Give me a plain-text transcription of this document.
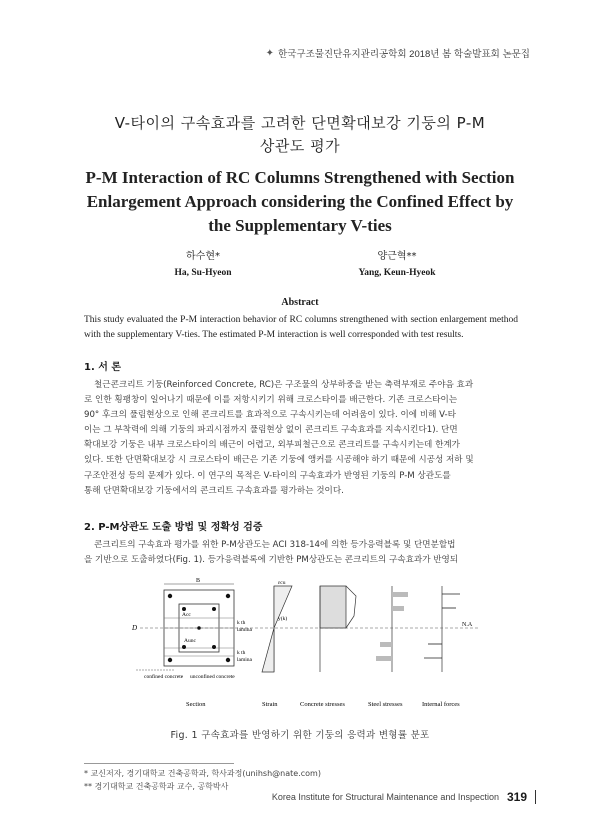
✦ 한국구조물진단유지관리공학회 2018년 봄 학술발표회 논문집
V-타이의 구속효과를 고려한 단면확대보강 기둥의 P-M
상관도 평가
P-M Interaction of RC Columns Strengthened with Section
Enlargement Approach considering the Confined Effect by
the Supplementary V-ties
하수현*
Ha, Su-Hyeon
양근혁**
Yang, Keun-Hyeok
Abstract
This study evaluated the P-M interaction behavior of RC columns strengthened with section enlargement method with the supplementary V-ties. The estimated P-M interaction is well corresponded with test results.
1. 서 론
철근콘크리트 기둥(Reinforced Concrete, RC)은 구조물의 상부하중을 받는 축력부재로 주야음 효과
로 인한 횡팽창이 일어나기 때문에 이를 저항시키기 위해 크로스타이를 배근한다. 기존 크로스타이는
90° 후크의 풀림현상으로 인해 콘크리트를 효과적으로 구속시키는데 어려움이 있다. 이에 비해 V-타
이는 그 부착력에 의해 기둥의 파괴시점까지 풀림현상 없이 콘크리트 구속효과를 지속시킨다1). 단면
확대보강 기둥은 내부 크로스타이의 배근이 어렵고, 외부피철근으로 콘크리트를 구속시키는데 한계가
있다. 또한 단면확대보강 시 크로스타이 배근은 기존 기둥에 앵커를 시공해야 하기 때문에 시공성 저하 및
구조안전성 등의 문제가 있다. 이 연구의 목적은 V-타이의 구속효과가 반영된 기둥의 P-M 상관도를
통해 단면확대보강 기둥에서의 콘크리트 구속효과를 평가하는 것이다.
2. P-M상관도 도출 방법 및 정확성 검증
콘크리트의 구속효과 평가를 위한 P-M상관도는 ACI 318-14에 의한 등가응력블록 및 단면분할법
을 기반으로 도출하였다(Fig. 1). 등가응력블록에 기반한 PM상관도는 콘크리트의 구속효과가 반영되
B
Acc
Aunc
k th
lamina
k th
lamina
D	N.A
confined concrete unconfined concrete
εcu
y(k)
Section	Strain	Concrete stresses	Steel stresses	Internal forces
Fig. 1 구속효과를 반영하기 위한 기둥의 응력과 변형률 분포
* 교신저자, 경기대학교 건축공학과, 학사과정(unihsh@nate.com)
** 경기대학교 건축공학과 교수, 공학박사
Korea Institute for Structural Maintenance and Inspection 319
